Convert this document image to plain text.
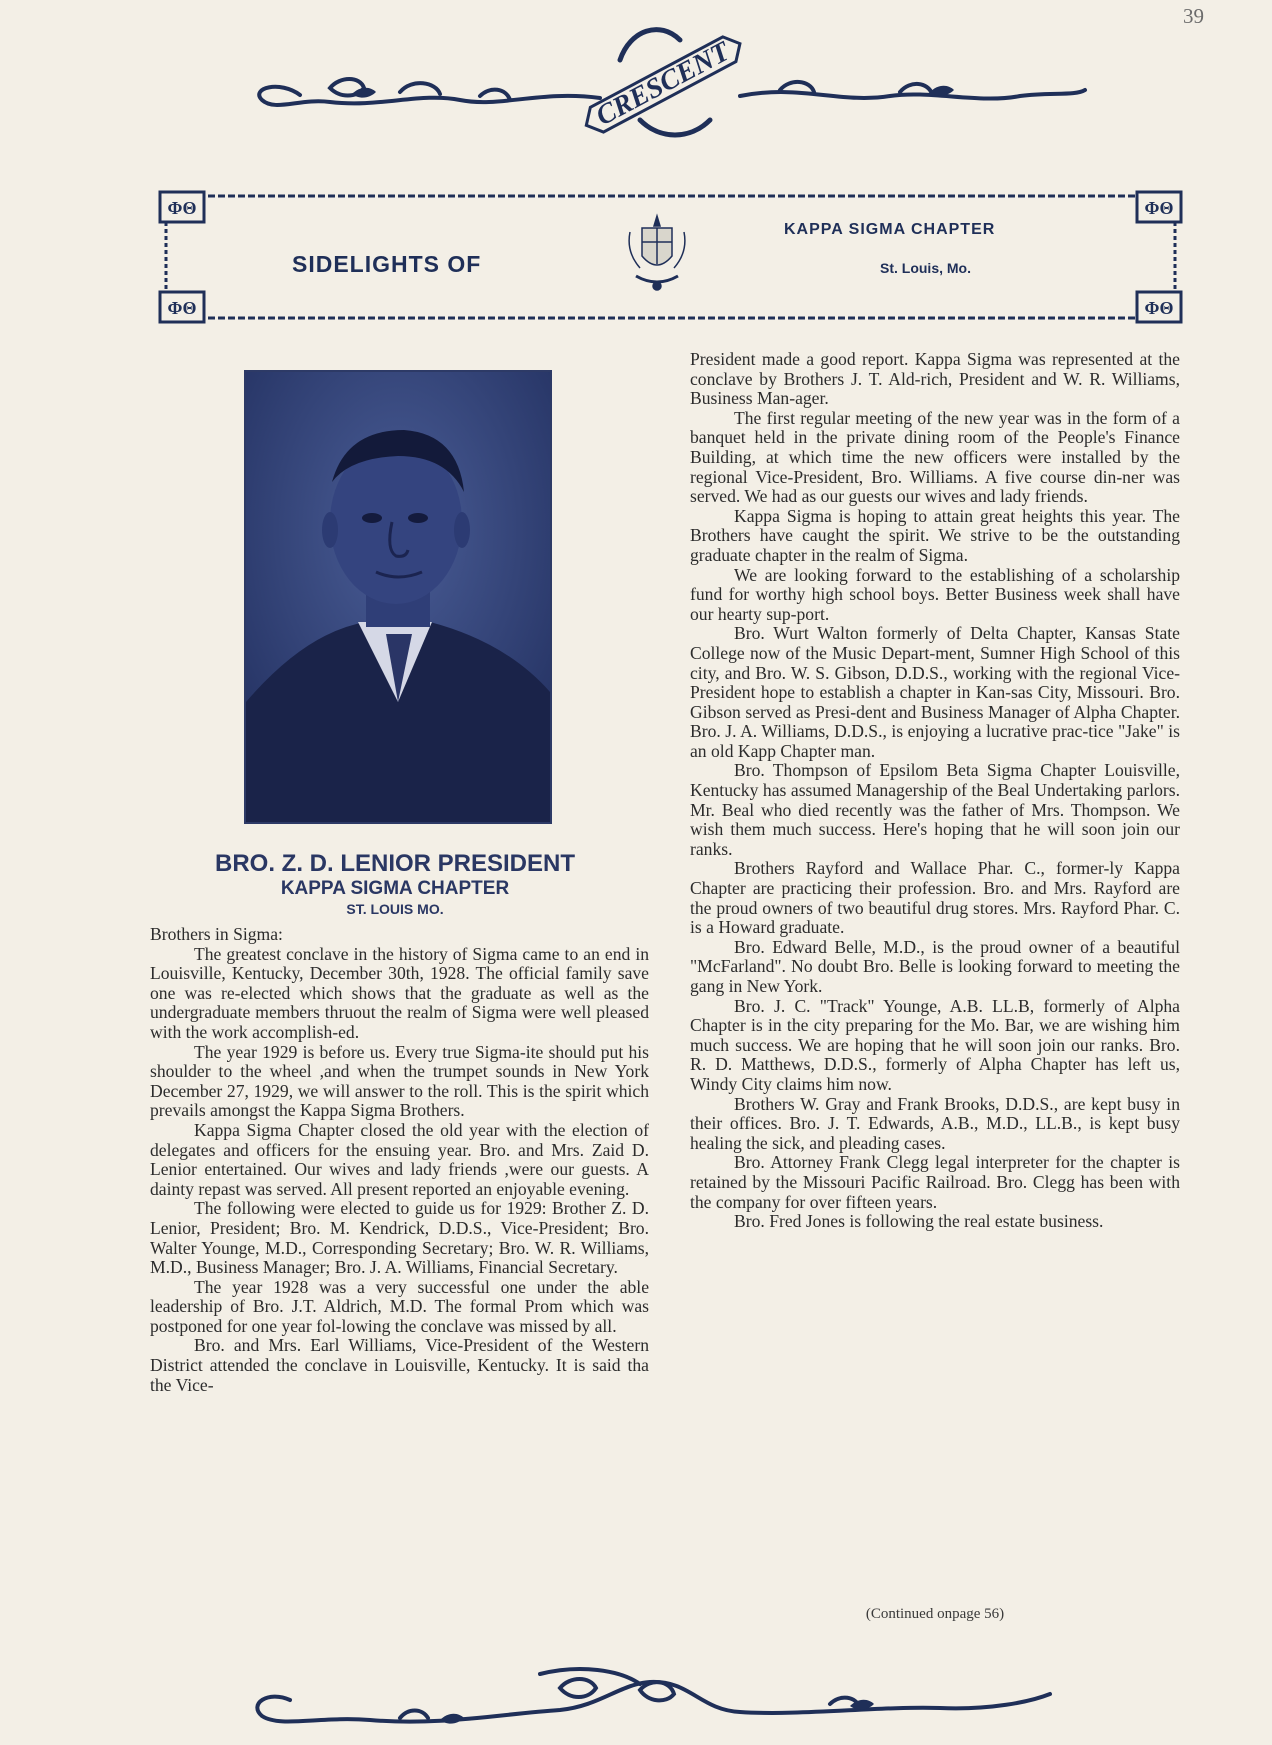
39
CRESCENT
ΦΘ
ΦΘ
ΦΘ
ΦΘ
SIDELIGHTS OF
KAPPA SIGMA CHAPTER
St. Louis, Mo.
BRO. Z. D. LENIOR PRESIDENT
KAPPA SIGMA CHAPTER
ST. LOUIS MO.

Brothers in Sigma:

The greatest conclave in the history of Sigma came to an end in Louisville, Kentucky, December 30th, 1928. The official family save one was re-elected which shows that the graduate as well as the undergraduate members thruout the realm of Sigma were well pleased with the work accomplish-ed.

The year 1929 is before us. Every true Sigma-ite should put his shoulder to the wheel ,and when the trumpet sounds in New York December 27, 1929, we will answer to the roll. This is the spirit which prevails amongst the Kappa Sigma Brothers.

Kappa Sigma Chapter closed the old year with the election of delegates and officers for the ensuing year. Bro. and Mrs. Zaid D. Lenior entertained. Our wives and lady friends ,were our guests. A dainty repast was served. All present reported an enjoyable evening.

The following were elected to guide us for 1929: Brother Z. D. Lenior, President; Bro. M. Kendrick, D.D.S., Vice-President; Bro. Walter Younge, M.D., Corresponding Secretary; Bro. W. R. Williams, M.D., Business Manager; Bro. J. A. Williams, Financial Secretary.

The year 1928 was a very successful one under the able leadership of Bro. J.T. Aldrich, M.D. The formal Prom which was postponed for one year fol-lowing the conclave was missed by all.

Bro. and Mrs. Earl Williams, Vice-President of the Western District attended the conclave in Louisville, Kentucky. It is said tha the Vice-

President made a good report. Kappa Sigma was represented at the conclave by Brothers J. T. Ald-rich, President and W. R. Williams, Business Man-ager.

The first regular meeting of the new year was in the form of a banquet held in the private dining room of the People's Finance Building, at which time the new officers were installed by the regional Vice-President, Bro. Williams. A five course din-ner was served. We had as our guests our wives and lady friends.

Kappa Sigma is hoping to attain great heights this year. The Brothers have caught the spirit. We strive to be the outstanding graduate chapter in the realm of Sigma.

We are looking forward to the establishing of a scholarship fund for worthy high school boys. Better Business week shall have our hearty sup-port.

Bro. Wurt Walton formerly of Delta Chapter, Kansas State College now of the Music Depart-ment, Sumner High School of this city, and Bro. W. S. Gibson, D.D.S., working with the regional Vice-President hope to establish a chapter in Kan-sas City, Missouri. Bro. Gibson served as Presi-dent and Business Manager of Alpha Chapter. Bro. J. A. Williams, D.D.S., is enjoying a lucrative prac-tice "Jake" is an old Kapp Chapter man.

Bro. Thompson of Epsilom Beta Sigma Chapter Louisville, Kentucky has assumed Managership of the Beal Undertaking parlors. Mr. Beal who died recently was the father of Mrs. Thompson. We wish them much success. Here's hoping that he will soon join our ranks.

Brothers Rayford and Wallace Phar. C., former-ly Kappa Chapter are practicing their profession. Bro. and Mrs. Rayford are the proud owners of two beautiful drug stores. Mrs. Rayford Phar. C. is a Howard graduate.

Bro. Edward Belle, M.D., is the proud owner of a beautiful "McFarland". No doubt Bro. Belle is looking forward to meeting the gang in New York.

Bro. J. C. "Track" Younge, A.B. LL.B, formerly of Alpha Chapter is in the city preparing for the Mo. Bar, we are wishing him much success. We are hoping that he will soon join our ranks. Bro. R. D. Matthews, D.D.S., formerly of Alpha Chapter has left us, Windy City claims him now.

Brothers W. Gray and Frank Brooks, D.D.S., are kept busy in their offices. Bro. J. T. Edwards, A.B., M.D., LL.B., is kept busy healing the sick, and pleading cases.

Bro. Attorney Frank Clegg legal interpreter for the chapter is retained by the Missouri Pacific Railroad. Bro. Clegg has been with the company for over fifteen years.

Bro. Fred Jones is following the real estate business.

(Continued onpage 56)
